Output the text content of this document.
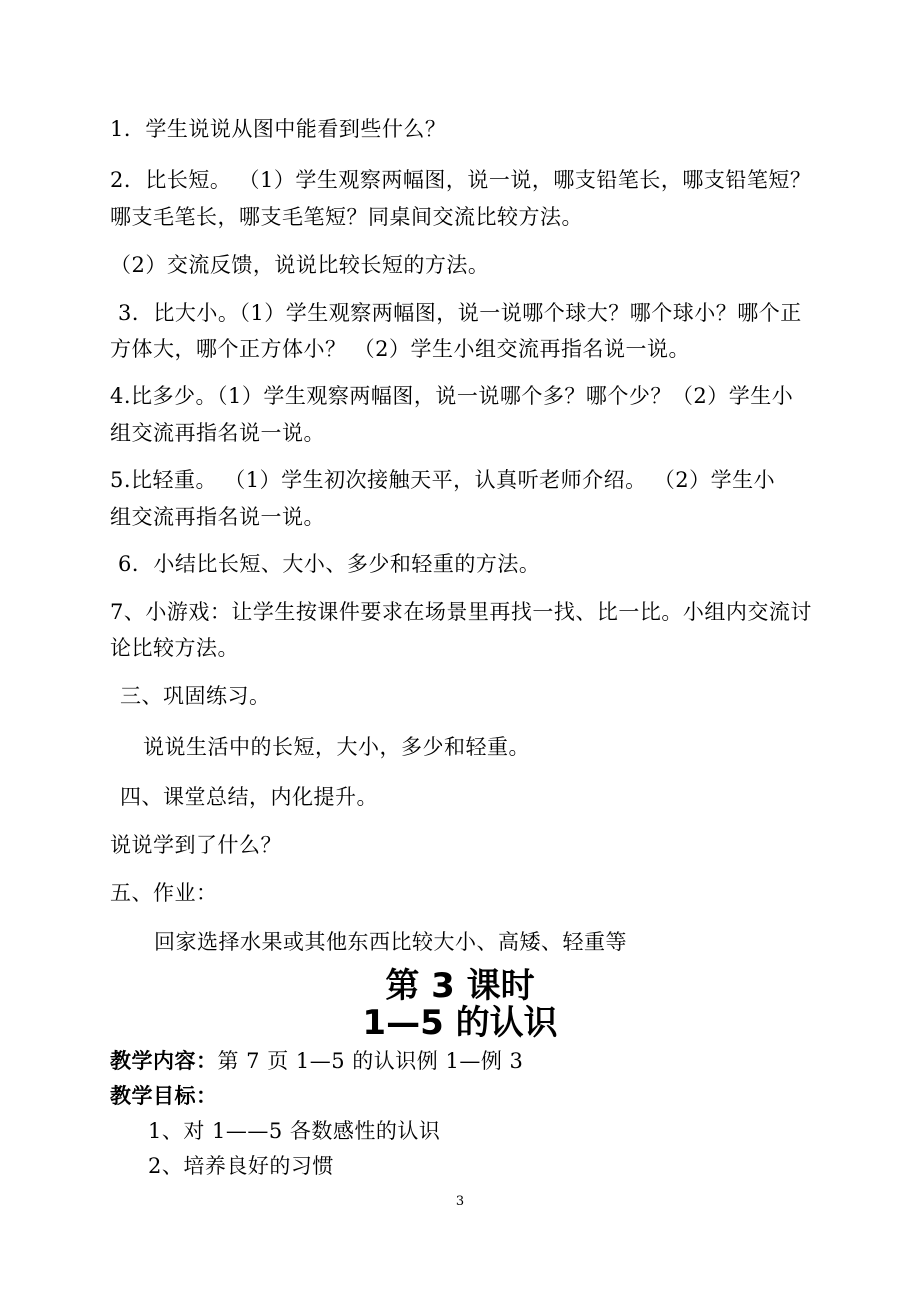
1．学生说说从图中能看到些什么？
2．比长短。 （1）学生观察两幅图，说一说，哪支铅笔长，哪支铅笔短？
哪支毛笔长，哪支毛笔短？同桌间交流比较方法。
（2）交流反馈，说说比较长短的方法。
3．比大小。（1）学生观察两幅图，说一说哪个球大？哪个球小？哪个正
方体大，哪个正方体小？ （2）学生小组交流再指名说一说。
4.比多少。（1）学生观察两幅图，说一说哪个多？哪个少？（2）学生小
组交流再指名说一说。
5.比轻重。 （1）学生初次接触天平，认真听老师介绍。 （2）学生小
组交流再指名说一说。
6．小结比长短、大小、多少和轻重的方法。
7、小游戏：让学生按课件要求在场景里再找一找、比一比。小组内交流讨
论比较方法。
三、巩固练习。
说说生活中的长短，大小，多少和轻重。
四、课堂总结，内化提升。
说说学到了什么？
五、作业：
回家选择水果或其他东西比较大小、高矮、轻重等
第 3 课时
1—5 的认识
教学内容：第 7 页 1—5 的认识例 1—例 3
教学目标：
1、对 1——5 各数感性的认识
2、培养良好的习惯
3
